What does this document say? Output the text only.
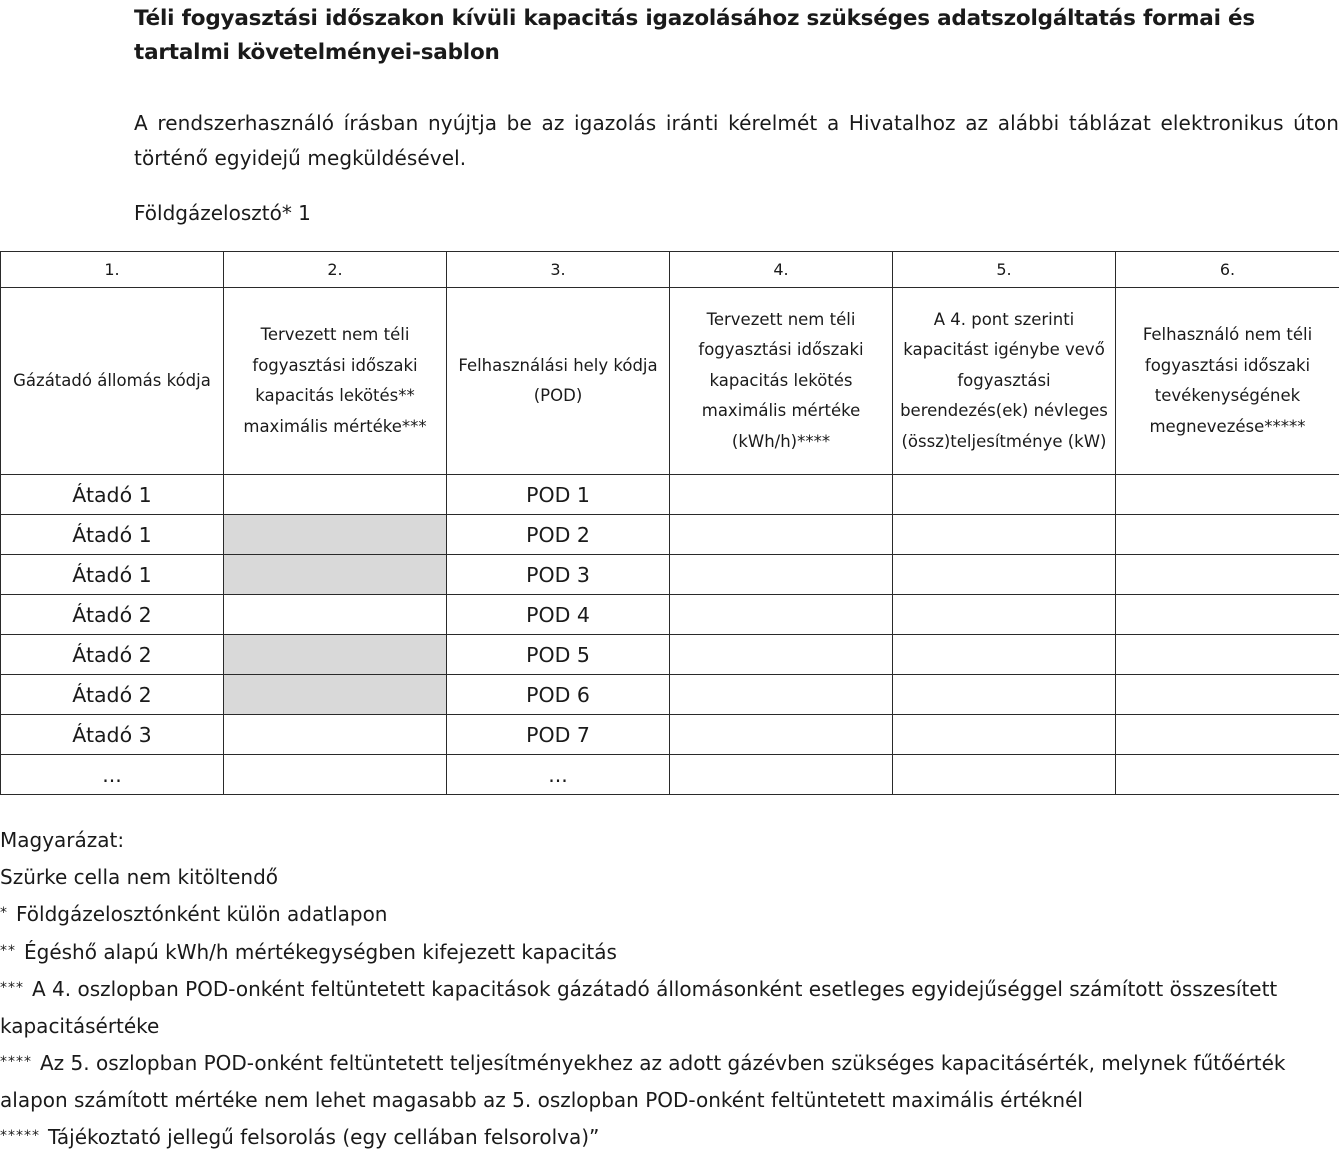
Téli fogyasztási időszakon kívüli kapacitás igazolásához szükséges adatszolgáltatás formai és tartalmi követelményei-sablon

A rendszerhasználó írásban nyújtja be az igazolás iránti kérelmét a Hivatalhoz az alábbi táblázat elektronikus úton történő egyidejű megküldésével.

Földgázelosztó* 1

1.	2.	3.	4.	5.	6.
Gázátadó állomás kódja	Tervezett nem téli fogyasztási időszaki kapacitás lekötés** maximális mértéke***	Felhasználási hely kódja (POD)	Tervezett nem téli fogyasztási időszaki kapacitás lekötés maximális mértéke (kWh/h)****	A 4. pont szerinti kapacitást igénybe vevő fogyasztási berendezés(ek) névleges (össz)teljesítménye (kW)	Felhasználó nem téli fogyasztási időszaki tevékenységének megnevezése*****
Átadó 1		POD 1			
Átadó 1		POD 2			
Átadó 1		POD 3			
Átadó 2		POD 4			
Átadó 2		POD 5			
Átadó 2		POD 6			
Átadó 3		POD 7			
...		...			
Magyarázat:
Szürke cella nem kitöltendő
* Földgázelosztónként külön adatlapon
** Égéshő alapú kWh/h mértékegységben kifejezett kapacitás
*** A 4. oszlopban POD-onként feltüntetett kapacitások gázátadó állomásonként esetleges egyidejűséggel számított összesített kapacitásértéke
**** Az 5. oszlopban POD-onként feltüntetett teljesítményekhez az adott gázévben szükséges kapacitásérték, melynek fűtőérték alapon számított mértéke nem lehet magasabb az 5. oszlopban POD-onként feltüntetett maximális értéknél
***** Tájékoztató jellegű felsorolás (egy cellában felsorolva)”
